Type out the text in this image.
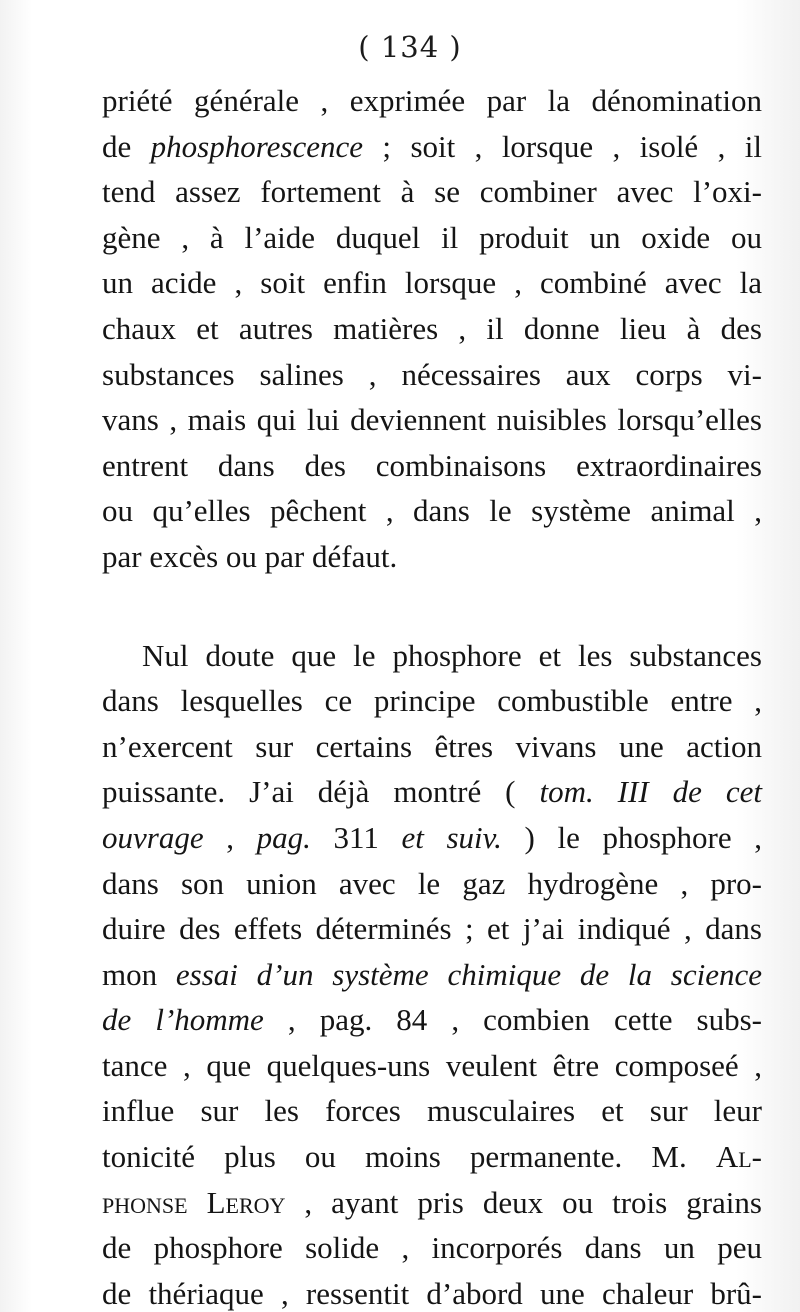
( 134 )
priété générale , exprimée par la dénomination
de phosphorescence ; soit , lorsque , isolé , il
tend assez fortement à se combiner avec l’oxi-
gène , à l’aide duquel il produit un oxide ou
un acide , soit enfin lorsque , combiné avec la
chaux et autres matières , il donne lieu à des
substances salines , nécessaires aux corps vi-
vans , mais qui lui deviennent nuisibles lorsqu’elles
entrent dans des combinaisons extraordinaires
ou qu’elles pêchent , dans le système animal ,
par excès ou par défaut.
Nul doute que le phosphore et les substances
dans lesquelles ce principe combustible entre ,
n’exercent sur certains êtres vivans une action
puissante. J’ai déjà montré ( tom. III de cet
ouvrage , pag. 311 et suiv. ) le phosphore ,
dans son union avec le gaz hydrogène , pro-
duire des effets déterminés ; et j’ai indiqué , dans
mon essai d’un système chimique de la science
de l’homme , pag. 84 , combien cette subs-
tance , que quelques-uns veulent être composeé ,
influe sur les forces musculaires et sur leur
tonicité plus ou moins permanente. M. Al-
phonse Leroy , ayant pris deux ou trois grains
de phosphore solide , incorporés dans un peu
de thériaque , ressentit d’abord une chaleur brû-
